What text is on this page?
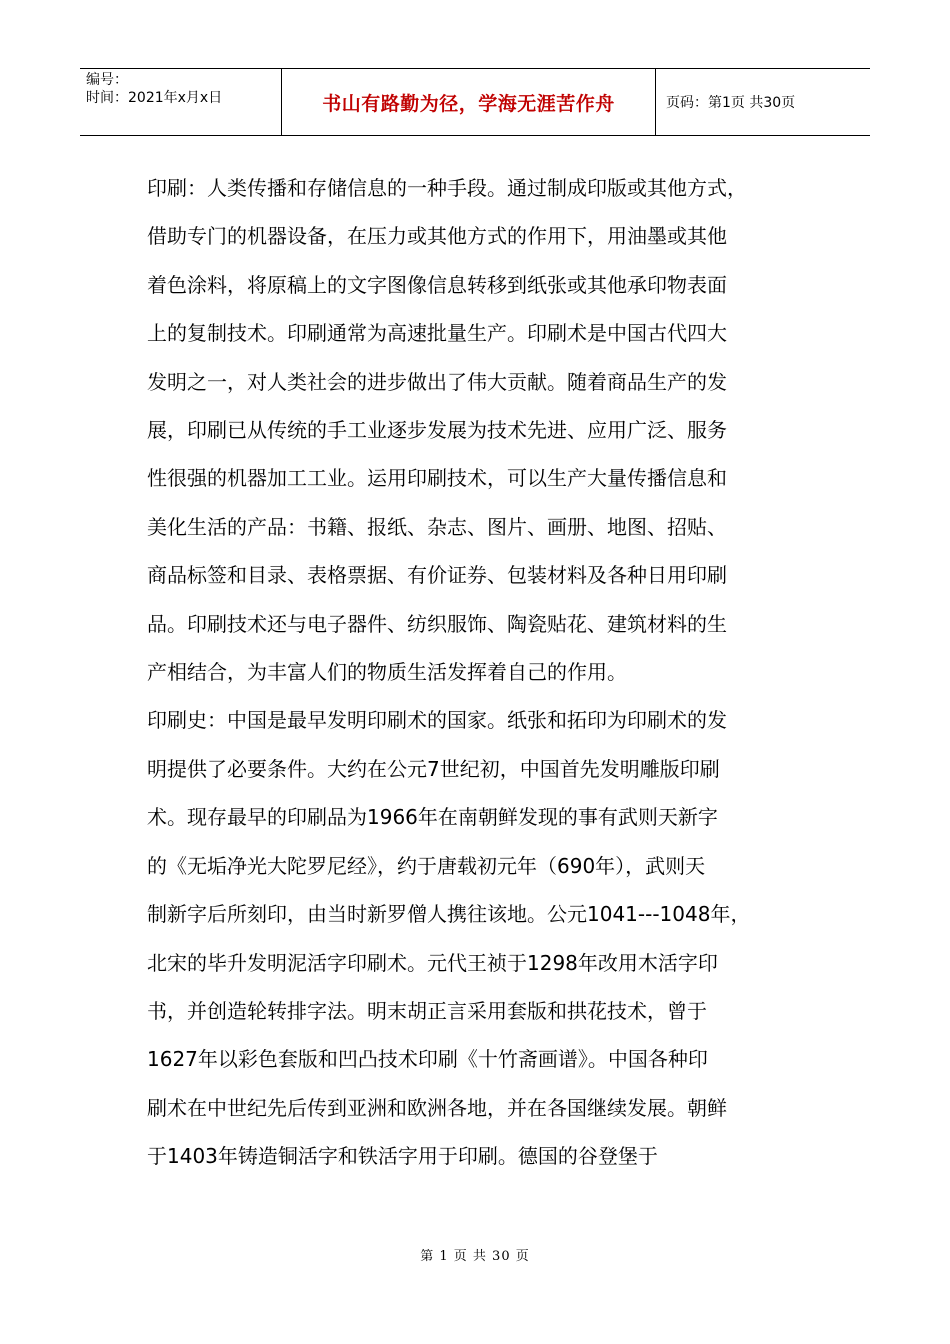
编号：
时间：2021年x月x日	书山有路勤为径，学海无涯苦作舟	页码：第1页 共30页

印刷：人类传播和存储信息的一种手段。通过制成印版或其他方式，

借助专门的机器设备，在压力或其他方式的作用下，用油墨或其他

着色涂料，将原稿上的文字图像信息转移到纸张或其他承印物表面

上的复制技术。印刷通常为高速批量生产。印刷术是中国古代四大

发明之一，对人类社会的进步做出了伟大贡献。随着商品生产的发

展，印刷已从传统的手工业逐步发展为技术先进、应用广泛、服务

性很强的机器加工工业。运用印刷技术，可以生产大量传播信息和

美化生活的产品：书籍、报纸、杂志、图片、画册、地图、招贴、

商品标签和目录、表格票据、有价证券、包装材料及各种日用印刷

品。印刷技术还与电子器件、纺织服饰、陶瓷贴花、建筑材料的生

产相结合，为丰富人们的物质生活发挥着自己的作用。

印刷史：中国是最早发明印刷术的国家。纸张和拓印为印刷术的发

明提供了必要条件。大约在公元7世纪初，中国首先发明雕版印刷

术。现存最早的印刷品为1966年在南朝鲜发现的事有武则天新字

的《无垢净光大陀罗尼经》，约于唐载初元年（690年），武则天

制新字后所刻印，由当时新罗僧人携往该地。公元1041---1048年，

北宋的毕升发明泥活字印刷术。元代王祯于1298年改用木活字印

书，并创造轮转排字法。明末胡正言采用套版和拱花技术，曾于

1627年以彩色套版和凹凸技术印刷《十竹斋画谱》。中国各种印

刷术在中世纪先后传到亚洲和欧洲各地，并在各国继续发展。朝鲜

于1403年铸造铜活字和铁活字用于印刷。德国的谷登堡于

第 1 页 共 30 页
